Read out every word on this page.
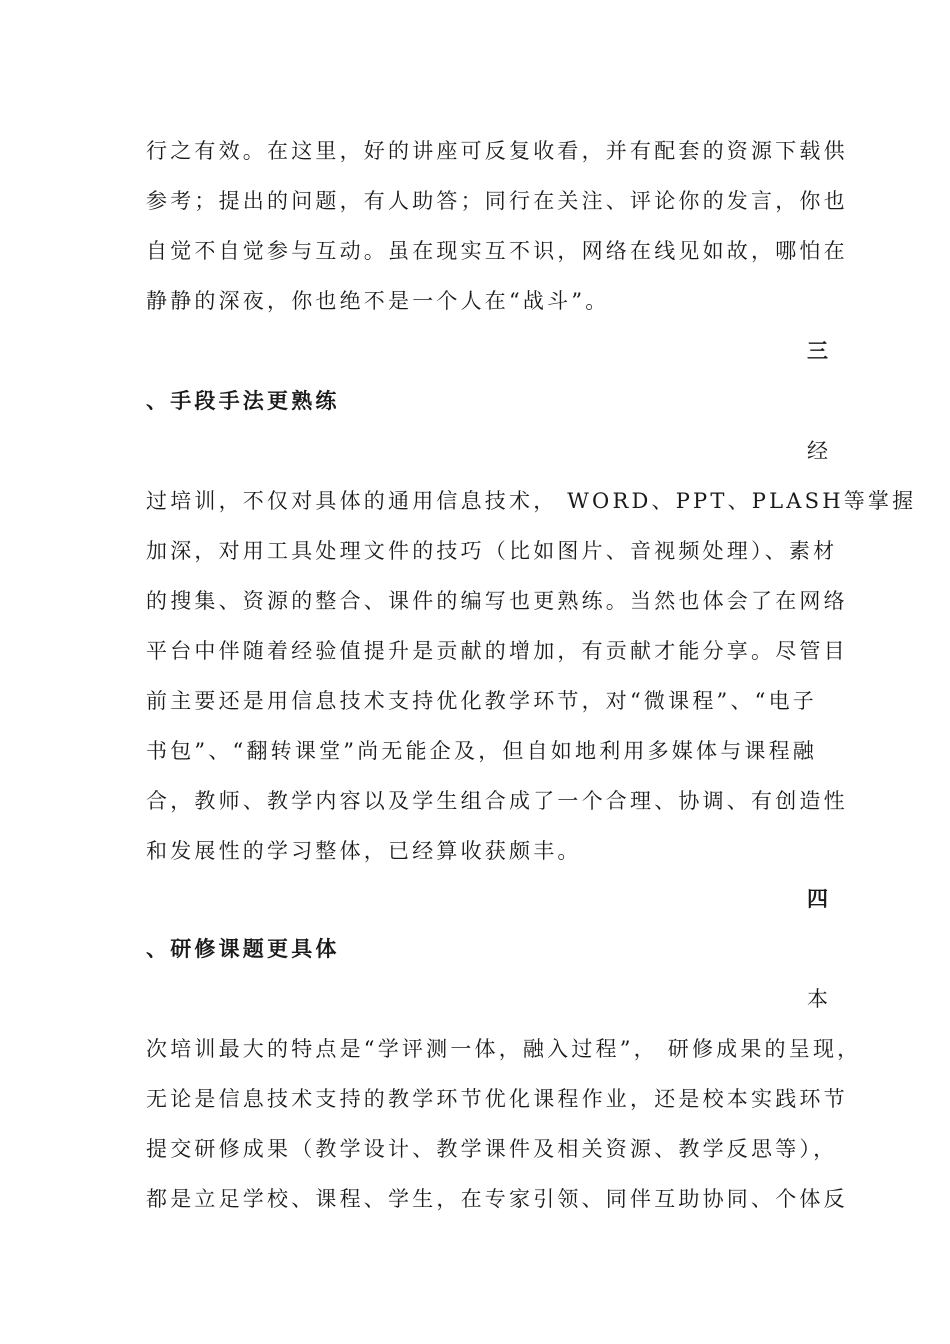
行之有效。在这里，好的讲座可反复收看，并有配套的资源下载供
参考；提出的问题，有人助答；同行在关注、评论你的发言，你也
自觉不自觉参与互动。虽在现实互不识，网络在线见如故，哪怕在
静静的深夜，你也绝不是一个人在“战斗”。
三
、手段手法更熟练
经
过培训，不仅对具体的通用信息技术， WORD、PPT、PLASH等掌握
加深，对用工具处理文件的技巧（比如图片、音视频处理）、素材
的搜集、资源的整合、课件的编写也更熟练。当然也体会了在网络
平台中伴随着经验值提升是贡献的增加，有贡献才能分享。尽管目
前主要还是用信息技术支持优化教学环节，对“微课程”、“电子
书包”、“翻转课堂”尚无能企及，但自如地利用多媒体与课程融
合，教师、教学内容以及学生组合成了一个合理、协调、有创造性
和发展性的学习整体，已经算收获颇丰。
四
、研修课题更具体
本
次培训最大的特点是“学评测一体，融入过程”， 研修成果的呈现，
无论是信息技术支持的教学环节优化课程作业，还是校本实践环节
提交研修成果（教学设计、教学课件及相关资源、教学反思等），
都是立足学校、课程、学生，在专家引领、同伴互助协同、个体反
